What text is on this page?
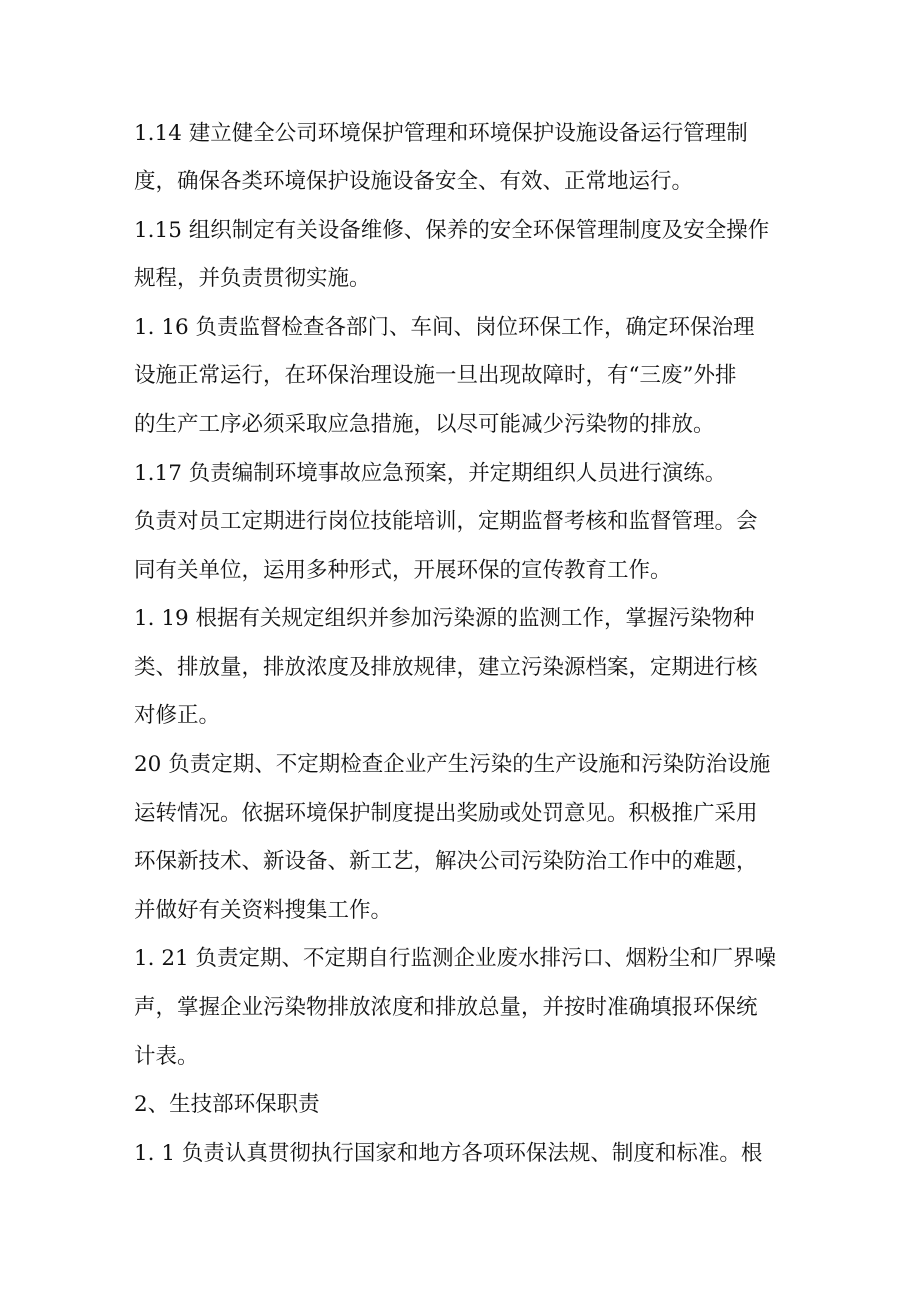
1.14 建立健全公司环境保护管理和环境保护设施设备运行管理制

度，确保各类环境保护设施设备安全、有效、正常地运行。

1.15 组织制定有关设备维修、保养的安全环保管理制度及安全操作

规程，并负责贯彻实施。

1. 16 负责监督检查各部门、车间、岗位环保工作，确定环保治理

设施正常运行，在环保治理设施一旦出现故障时，有“三废”外排

的生产工序必须采取应急措施，以尽可能减少污染物的排放。

1.17 负责编制环境事故应急预案，并定期组织人员进行演练。

负责对员工定期进行岗位技能培训，定期监督考核和监督管理。会

同有关单位，运用多种形式，开展环保的宣传教育工作。

1. 19 根据有关规定组织并参加污染源的监测工作，掌握污染物种

类、排放量，排放浓度及排放规律，建立污染源档案，定期进行核

对修正。

20 负责定期、不定期检查企业产生污染的生产设施和污染防治设施

运转情况。依据环境保护制度提出奖励或处罚意见。积极推广采用

环保新技术、新设备、新工艺，解决公司污染防治工作中的难题，

并做好有关资料搜集工作。

1. 21 负责定期、不定期自行监测企业废水排污口、烟粉尘和厂界噪

声，掌握企业污染物排放浓度和排放总量，并按时准确填报环保统

计表。

2、生技部环保职责

1. 1 负责认真贯彻执行国家和地方各项环保法规、制度和标准。根
